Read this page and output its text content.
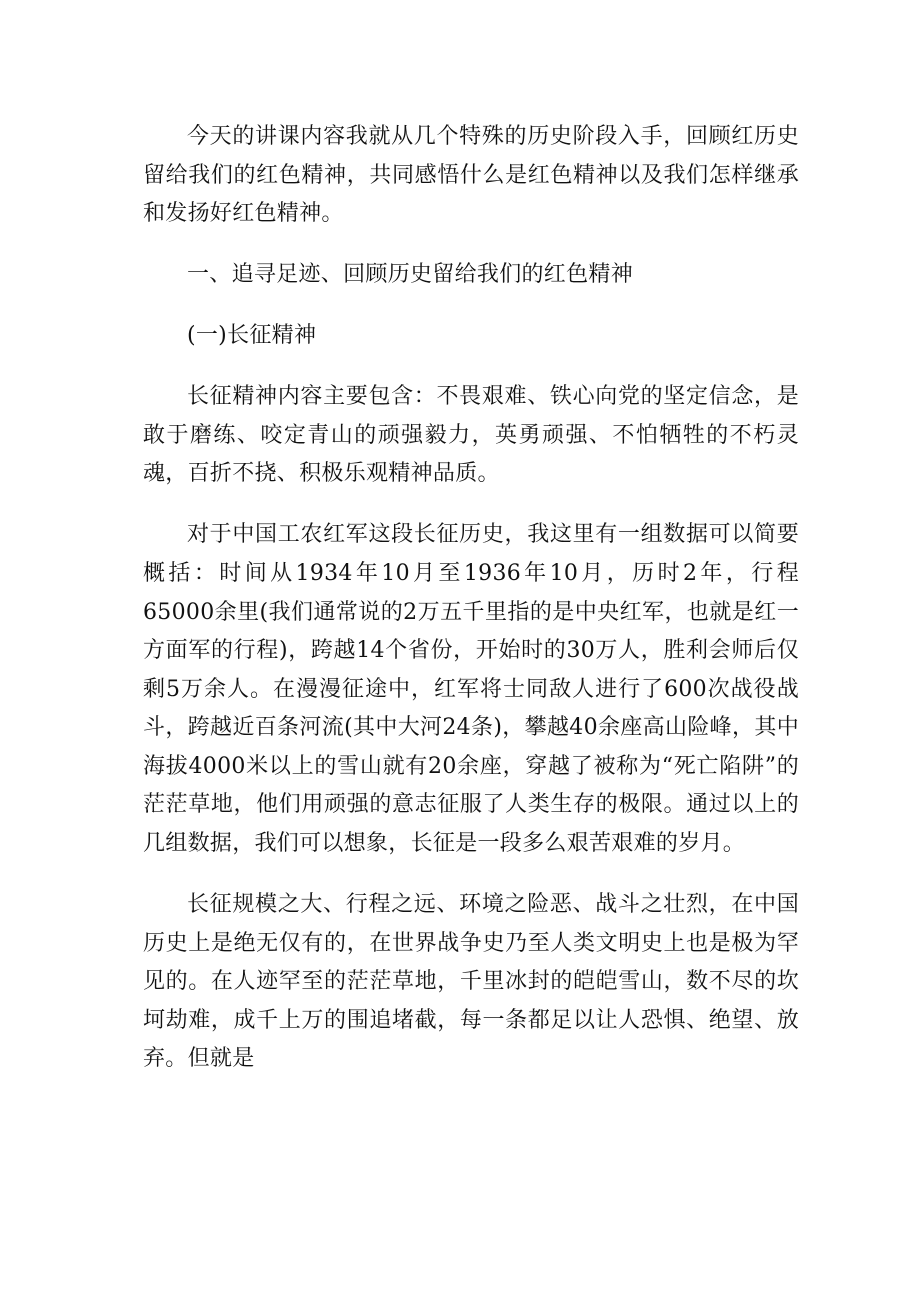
今天的讲课内容我就从几个特殊的历史阶段入手，回顾红历史留给我们的红色精神，共同感悟什么是红色精神以及我们怎样继承和发扬好红色精神。

一、追寻足迹、回顾历史留给我们的红色精神

(一)长征精神

长征精神内容主要包含：不畏艰难、铁心向党的坚定信念，是敢于磨练、咬定青山的顽强毅力，英勇顽强、不怕牺牲的不朽灵魂，百折不挠、积极乐观精神品质。

对于中国工农红军这段长征历史，我这里有一组数据可以简要概括：时间从1934年10月至1936年10月，历时2年，行程65000余里(我们通常说的2万五千里指的是中央红军，也就是红一方面军的行程)，跨越14个省份，开始时的30万人，胜利会师后仅剩5万余人。在漫漫征途中，红军将士同敌人进行了600次战役战斗，跨越近百条河流(其中大河24条)，攀越40余座高山险峰，其中海拔4000米以上的雪山就有20余座，穿越了被称为“死亡陷阱”的茫茫草地，他们用顽强的意志征服了人类生存的极限。通过以上的几组数据，我们可以想象，长征是一段多么艰苦艰难的岁月。

长征规模之大、行程之远、环境之险恶、战斗之壮烈，在中国历史上是绝无仅有的，在世界战争史乃至人类文明史上也是极为罕见的。在人迹罕至的茫茫草地，千里冰封的皑皑雪山，数不尽的坎坷劫难，成千上万的围追堵截，每一条都足以让人恐惧、绝望、放弃。但就是
